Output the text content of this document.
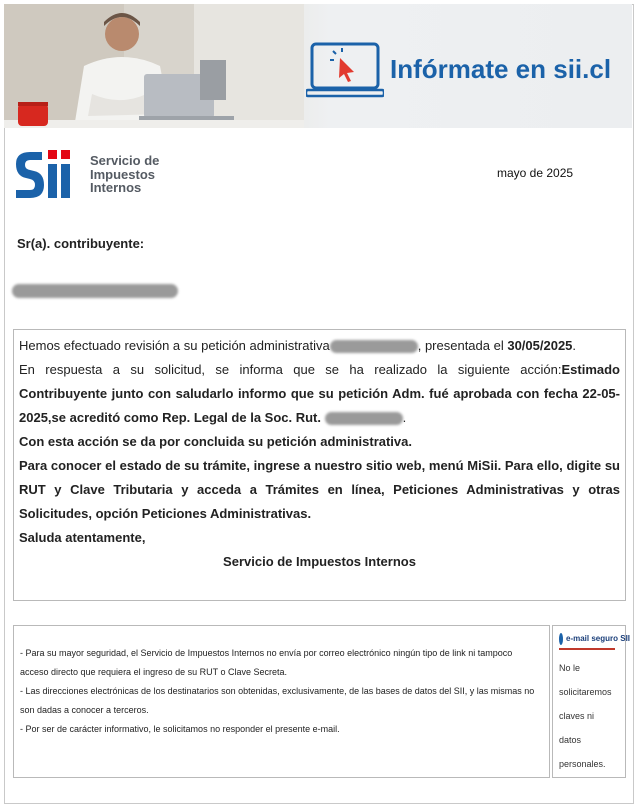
Infórmate en sii.cl
Servicio de
Impuestos
Internos
mayo de 2025
Sr(a). contribuyente:

Hemos efectuado revisión a su petición administrativa	, presentada el 30/05/2025.

En respuesta a su solicitud, se informa que se ha realizado la siguiente acción:Estimado Contribuyente junto con saludarlo informo que su petición Adm. fué aprobada con fecha 22-05-2025,se acreditó como Rep. Legal de la Soc. Rut.	.

Con esta acción se da por concluida su petición administrativa.

Para conocer el estado de su trámite, ingrese a nuestro sitio web, menú MiSii. Para ello, digite su RUT y Clave Tributaria y acceda a Trámites en línea, Peticiones Administrativas y otras Solicitudes, opción Peticiones Administrativas.

Saluda atentamente,

Servicio de Impuestos Internos

- Para su mayor seguridad, el Servicio de Impuestos Internos no envía por correo electrónico ningún tipo de link ni tampoco acceso directo que requiera el ingreso de su RUT o Clave Secreta.

- Las direcciones electrónicas de los destinatarios son obtenidas, exclusivamente, de las bases de datos del SII, y las mismas no son dadas a conocer a terceros.

- Por ser de carácter informativo, le solicitamos no responder el presente e-mail.

e-mail seguro SII
No le
solicitaremos
claves ni
datos
personales.
